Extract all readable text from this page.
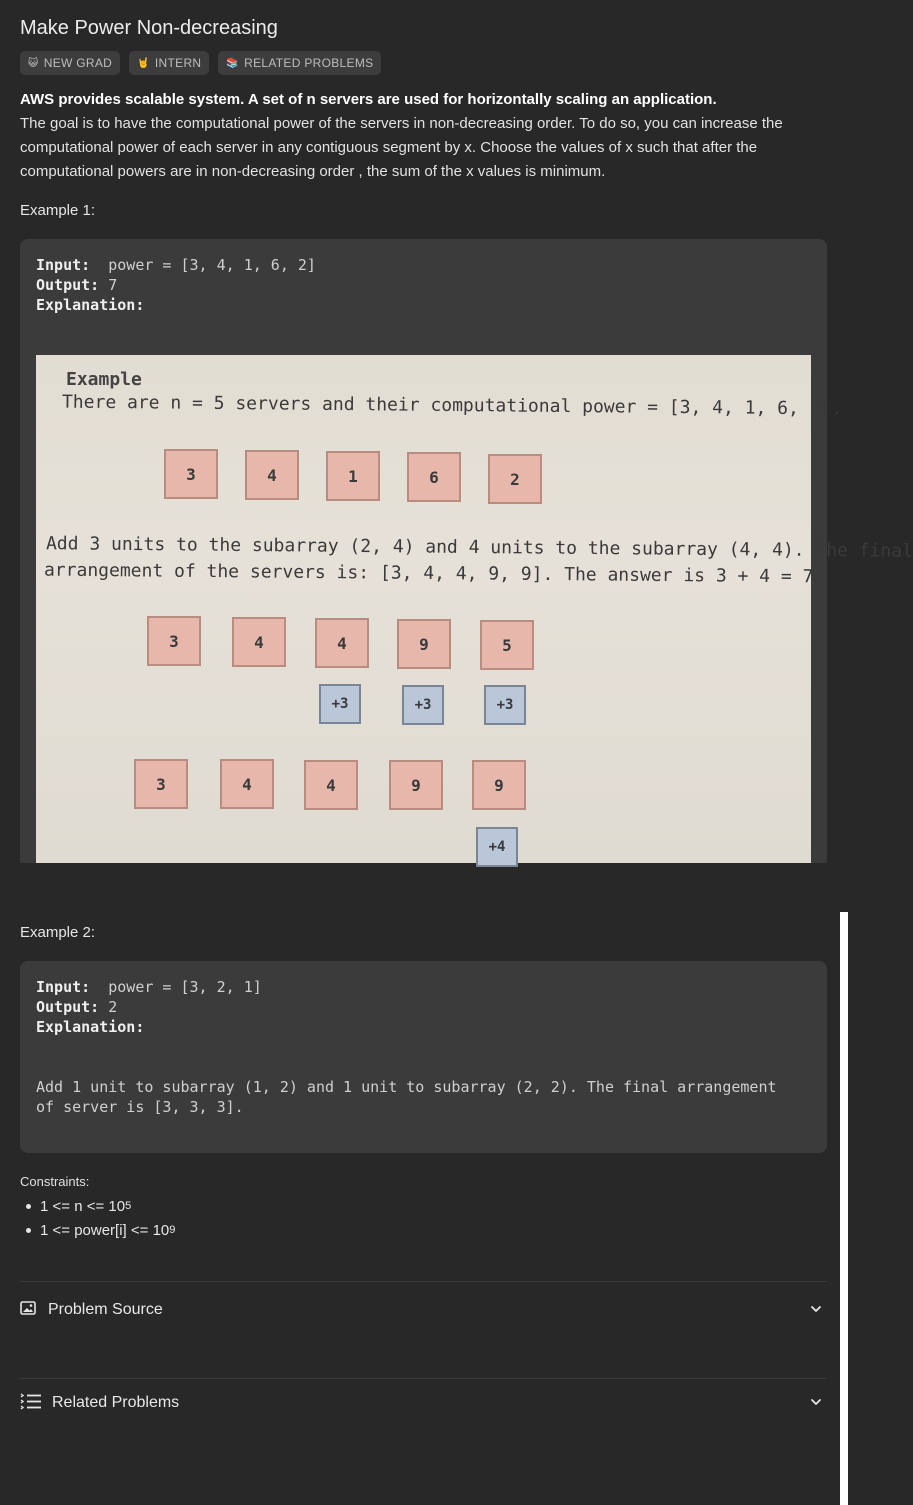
Make Power Non-decreasing
😺 NEW GRAD	🤘 INTERN	📚 RELATED PROBLEMS
AWS provides scalable system. A set of n servers are used for horizontally scaling an application.
The goal is to have the computational power of the servers in non-decreasing order. To do so, you can increase the computational power of each server in any contiguous segment by x. Choose the values of x such that after the computational powers are in non-decreasing order , the sum of the x values is minimum.
Example 1:
Input: power = [3, 4, 1, 6, 2]
Output: 7
Explanation:
Example
There are n = 5 servers and their computational power = [3, 4, 1, 6, 2].
3	4	1	6	2
Add 3 units to the subarray (2, 4) and 4 units to the subarray (4, 4). The final
arrangement of the servers is: [3, 4, 4, 9, 9]. The answer is 3 + 4 = 7.
3	4	4	9	5
+3	+3	+3
3	4	4	9	9
+4
Example 2:
Input: power = [3, 2, 1]
Output: 2
Explanation:
Add 1 unit to subarray (1, 2) and 1 unit to subarray (2, 2). The final arrangement
of server is [3, 3, 3].
Constraints:
1 <= n <= 10 5
1 <= power[i] <= 10 9
Problem Source
Related Problems
